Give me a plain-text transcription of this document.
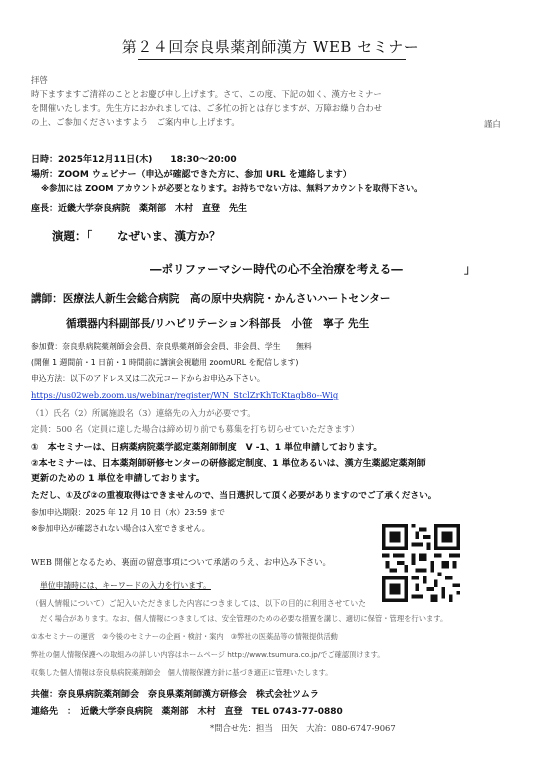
第２４回奈良県薬剤師漢方 WEB セミナー
拝啓
時下ますますご清祥のこととお慶び申し上げます。さて、この度、下記の如く、漢方セミナー
を開催いたします。先生方におかれましては、ご多忙の折とは存じますが、万障お繰り合わせ
の上、ご参加くださいますよう　ご案内申し上げます。	謹白
日時：2025年12月11日(木)　　18:30～20:00
場所：ZOOM ウェビナー（申込が確認できた方に、参加 URL を連絡します）
※参加には ZOOM アカウントが必要となります。お持ちでない方は、無料アカウントを取得下さい。
座長：近畿大学奈良病院　薬剤部　木村　直登　先生
演題：「 なぜいま、漢方か？
―ポリファーマシー時代の心不全治療を考える―	」
講師：医療法人新生会総合病院　高の原中央病院・かんさいハートセンター
循環器内科副部長/リハビリテーション科部長　小笹　寧子 先生
参加費：奈良県病院薬剤師会会員、奈良県薬剤師会会員、非会員、学生　　無料
(開催 1 週間前・1 日前・1 時間前に講演会視聴用 zoomURL を配信します)
申込方法：以下のアドレス又は二次元コードからお申込み下さい。
https://us02web.zoom.us/webinar/register/WN_StclZrKhTcKtagb8o--Wig
（1）氏名（2）所属施設名（3）連絡先の入力が必要です。
定員：500 名（定員に達した場合は締め切り前でも募集を打ち切らせていただきます）
①　本セミナーは、日病薬病院薬学認定薬剤師制度　V -1、1 単位申請しております。
②本セミナーは、日本薬剤師研修センターの研修認定制度、1 単位あるいは、漢方生薬認定薬剤師
更新のための 1 単位を申請しております。
ただし、①及び②の重複取得はできませんので、当日選択して頂く必要がありますのでご了承ください。
参加申込期限：2025 年 12 月 10 日（水）23:59 まで
※参加申込が確認されない場合は入室できません。
WEB 開催となるため、裏面の留意事項について承諾のうえ、お申込み下さい。
単位申請時には、キーワードの入力を行います。
（個人情報について）ご記入いただきました内容につきましては、以下の目的に利用させていた
だく場合があります。なお、個人情報につきましては、安全管理のための必要な措置を講じ、適切に保管・管理を行います。
①本セミナーの運営　②今後のセミナーの企画・検討・案内　③弊社の医薬品等の情報提供活動
弊社の個人情報保護への取組みの詳しい内容はホームページ http://www.tsumura.co.jp/でご確認頂けます。
収集した個人情報は奈良県病院薬剤師会　個人情報保護方針に基づき適正に管理いたします。
共催：奈良県病院薬剤師会　奈良県薬剤師漢方研修会　株式会社ツムラ
連絡先　：　近畿大学奈良病院　薬剤部　木村　直登　TEL 0743-77-0880
*問合せ先：担当　田矢　大冶：080-6747-9067
